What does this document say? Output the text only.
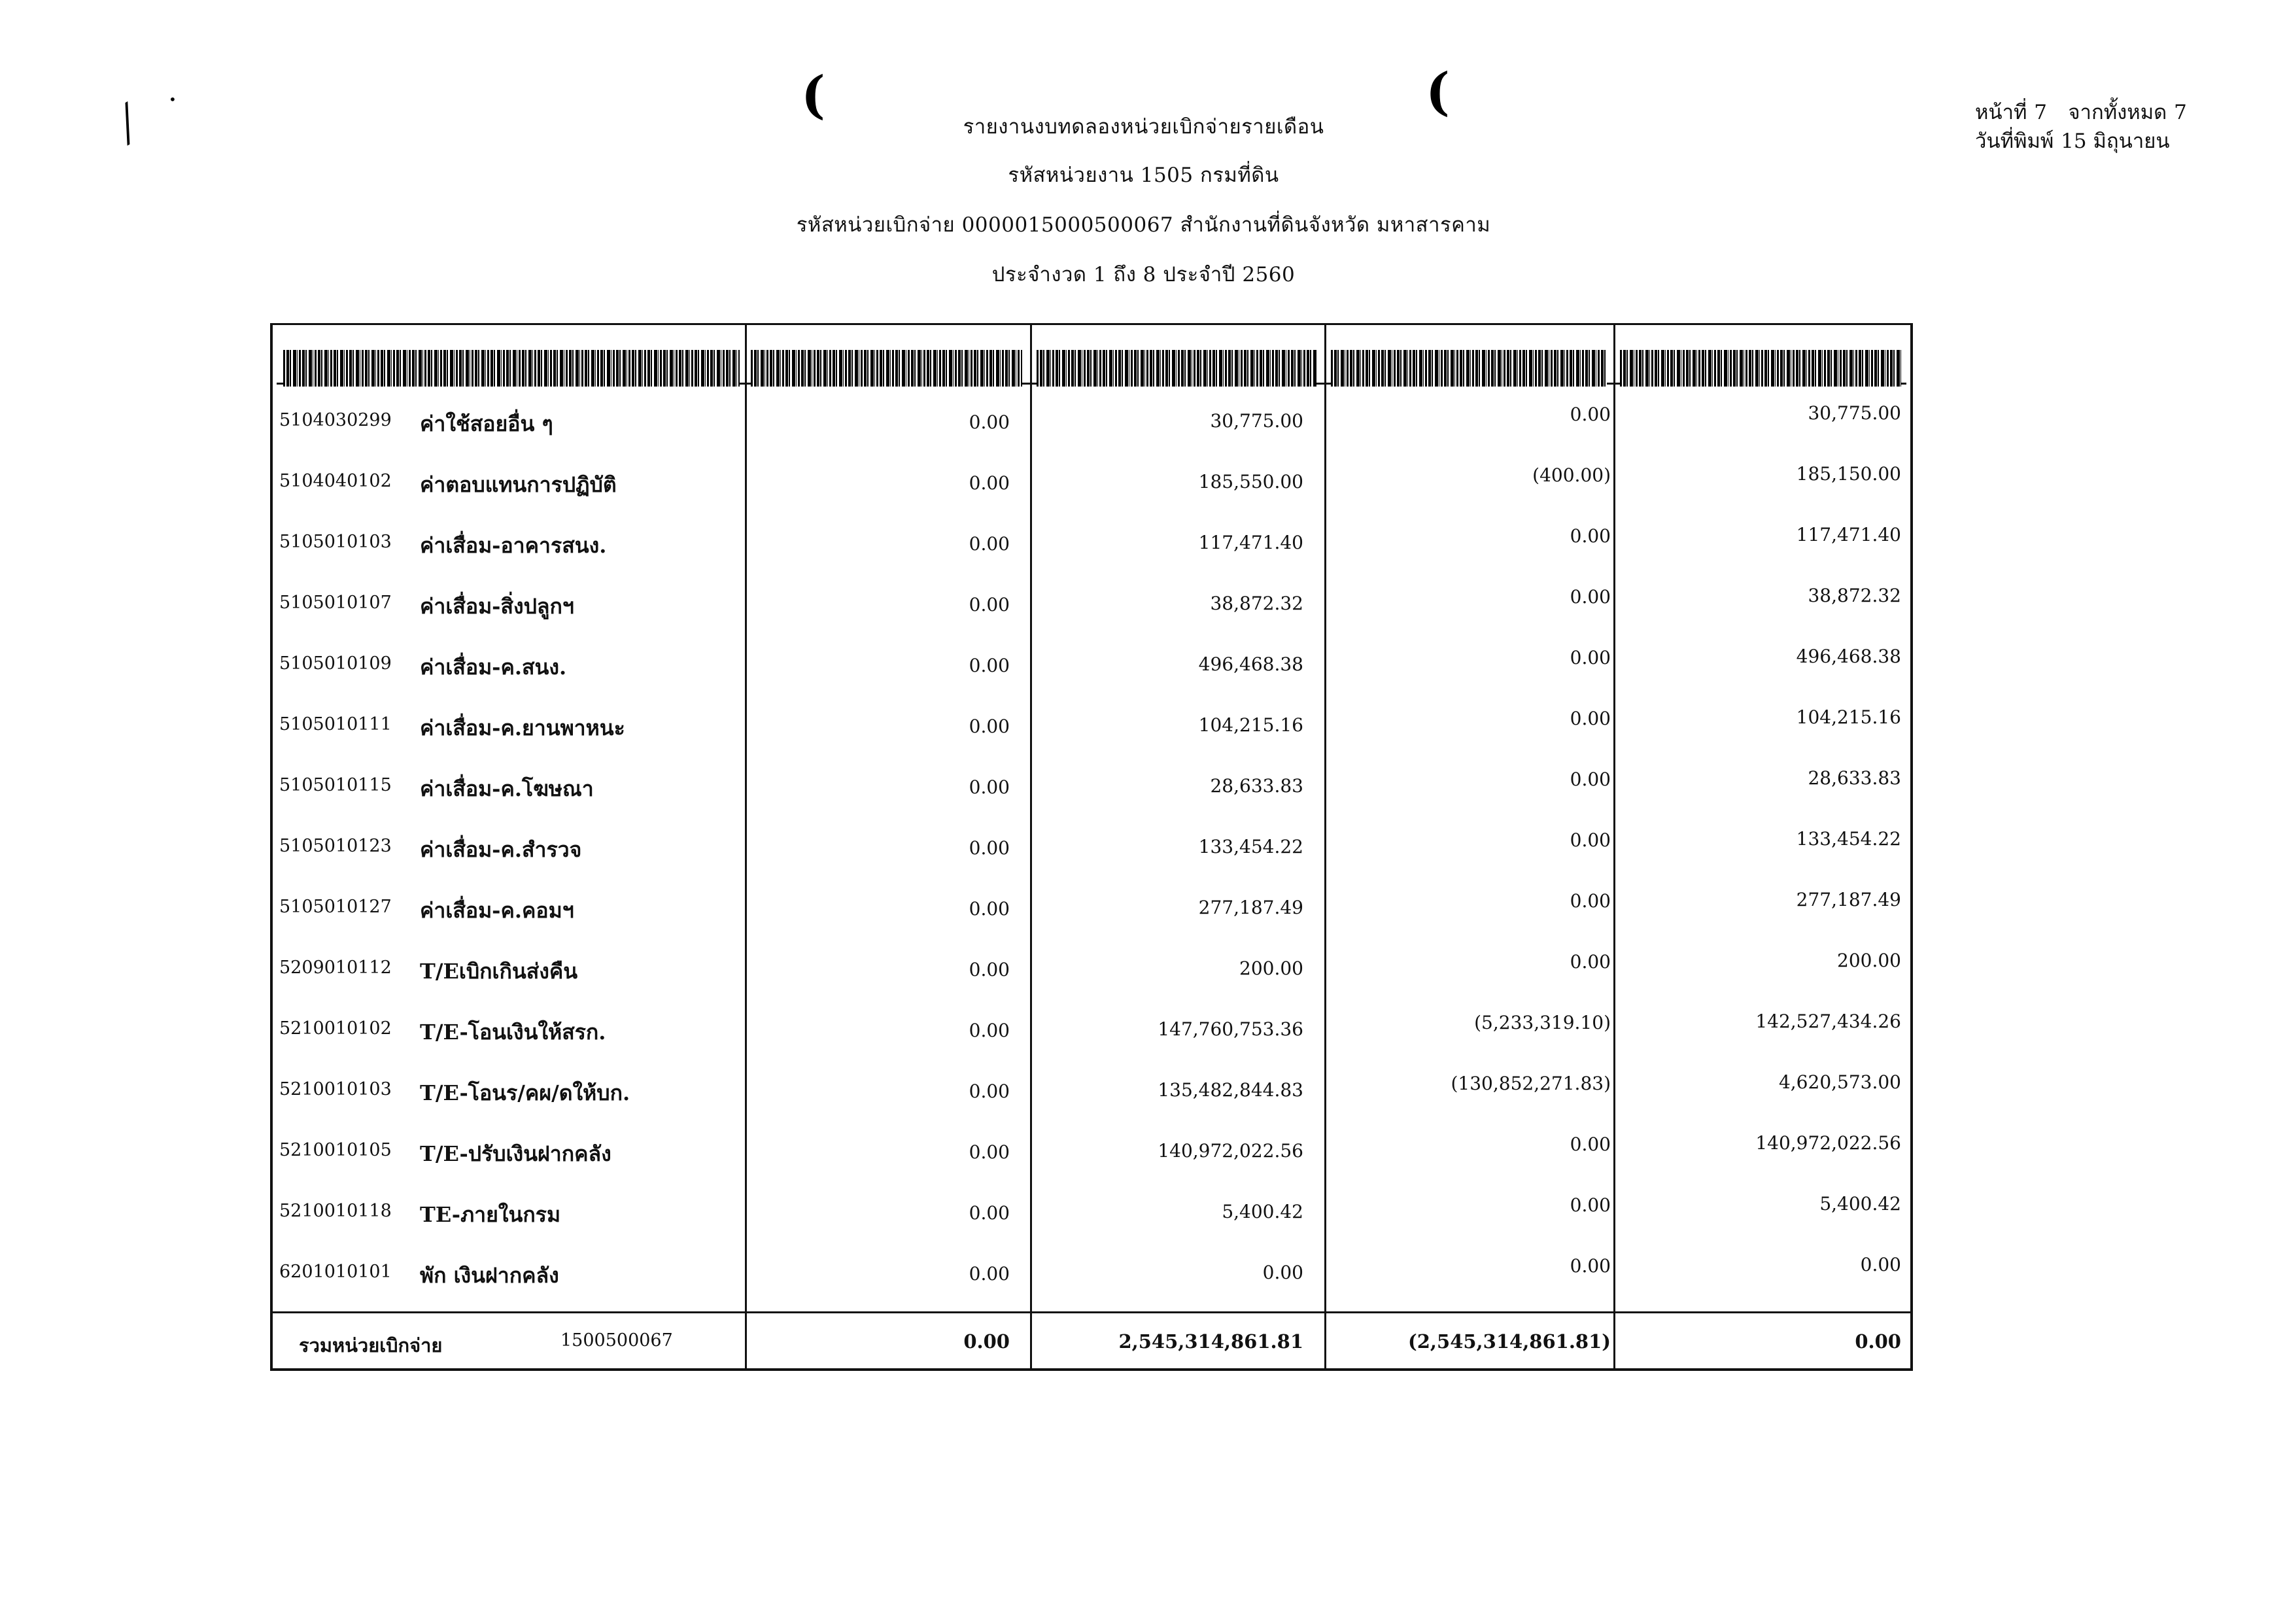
╱
•	(	(	หน้าที่ 7 จากทั้งหมด 7
วันที่พิมพ์ 15 มิถุนายน
รายงานงบทดลองหน่วยเบิกจ่ายรายเดือน
รหัสหน่วยงาน 1505 กรมที่ดิน
รหัสหน่วยเบิกจ่าย 0000015000500067 สำนักงานที่ดินจังหวัด มหาสารคาม
ประจำงวด 1 ถึง 8 ประจำปี 2560
5104030299 ค่าใช้สอยอื่น ๆ	0.00	30,775.00	0.00	30,775.00
5104040102 ค่าตอบแทนการปฏิบัติ	0.00	185,550.00	(400.00)	185,150.00
5105010103 ค่าเสื่อม-อาคารสนง.	0.00	117,471.40	0.00	117,471.40
5105010107 ค่าเสื่อม-สิ่งปลูกฯ	0.00	38,872.32	0.00	38,872.32
5105010109 ค่าเสื่อม-ค.สนง.	0.00	496,468.38	0.00	496,468.38
5105010111 ค่าเสื่อม-ค.ยานพาหนะ	0.00	104,215.16	0.00	104,215.16
5105010115 ค่าเสื่อม-ค.โฆษณา	0.00	28,633.83	0.00	28,633.83
5105010123 ค่าเสื่อม-ค.สำรวจ	0.00	133,454.22	0.00	133,454.22
5105010127 ค่าเสื่อม-ค.คอมฯ	0.00	277,187.49	0.00	277,187.49
5209010112 T/Eเบิกเกินส่งคืน	0.00	200.00	0.00	200.00
5210010102 T/E-โอนเงินให้สรก.	0.00	147,760,753.36	(5,233,319.10)	142,527,434.26
5210010103 T/E-โอนร/คผ/ดให้บก.	0.00	135,482,844.83	(130,852,271.83)	4,620,573.00
5210010105 T/E-ปรับเงินฝากคลัง	0.00	140,972,022.56	0.00	140,972,022.56
5210010118 TE-ภายในกรม	0.00	5,400.42	0.00	5,400.42
6201010101 พัก เงินฝากคลัง	0.00	0.00	0.00	0.00
รวมหน่วยเบิกจ่าย	1500500067	0.00	2,545,314,861.81	(2,545,314,861.81)	0.00
